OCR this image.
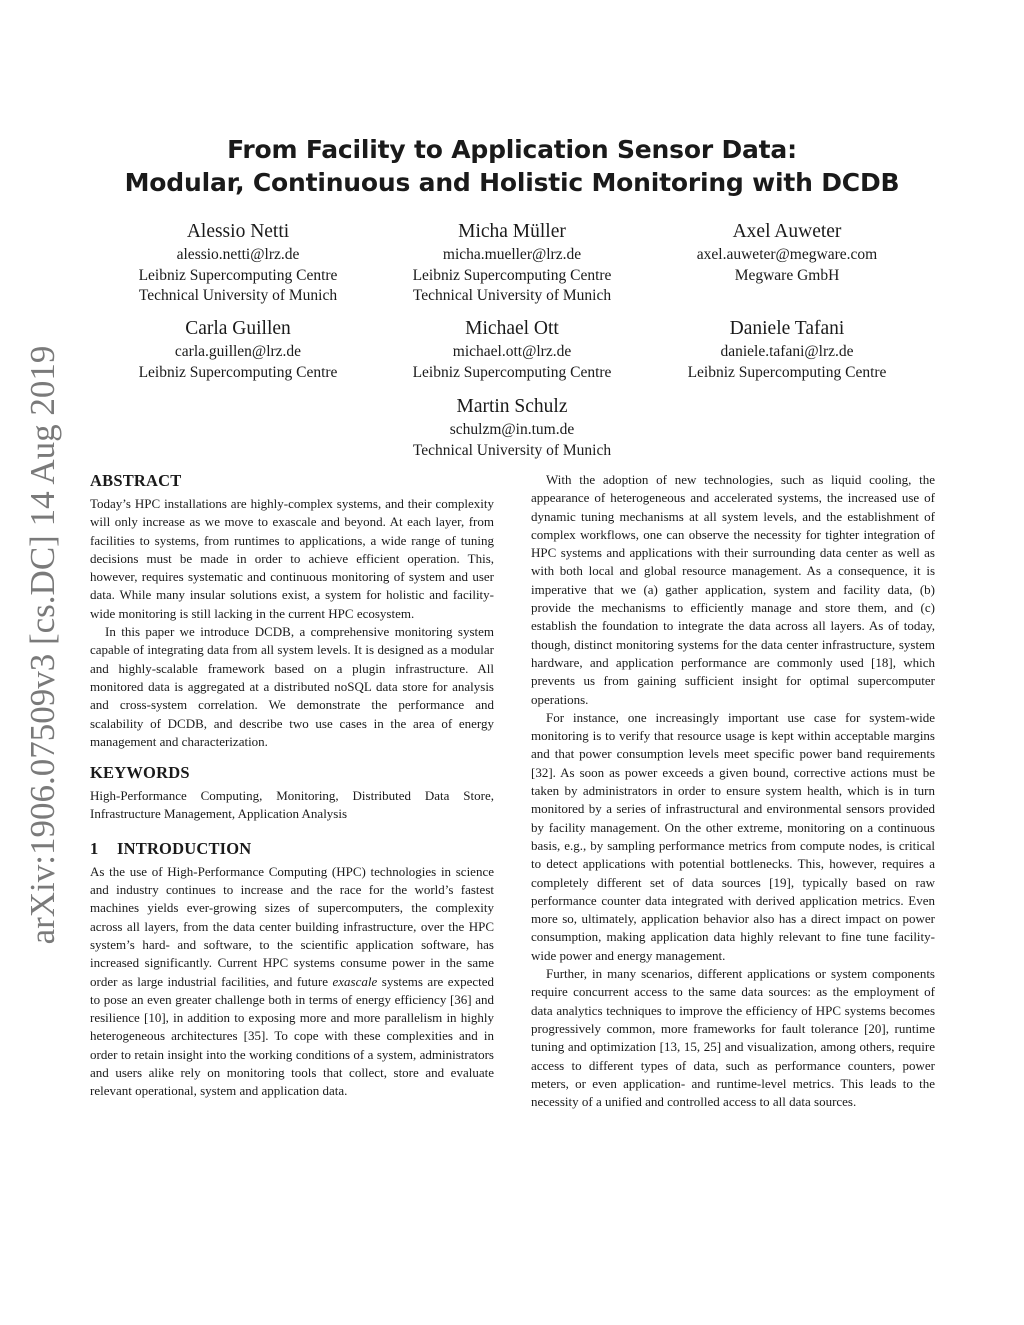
arXiv:1906.07509v3 [cs.DC] 14 Aug 2019
From Facility to Application Sensor Data:
Modular, Continuous and Holistic Monitoring with DCDB
Alessio Netti
alessio.netti@lrz.de
Leibniz Supercomputing Centre
Technical University of Munich
Micha Müller
micha.mueller@lrz.de
Leibniz Supercomputing Centre
Technical University of Munich
Axel Auweter
axel.auweter@megware.com
Megware GmbH
Carla Guillen
carla.guillen@lrz.de
Leibniz Supercomputing Centre
Michael Ott
michael.ott@lrz.de
Leibniz Supercomputing Centre
Daniele Tafani
daniele.tafani@lrz.de
Leibniz Supercomputing Centre
Martin Schulz
schulzm@in.tum.de
Technical University of Munich
ABSTRACT

Today’s HPC installations are highly-complex systems, and their complexity will only increase as we move to exascale and beyond. At each layer, from facilities to systems, from runtimes to applications, a wide range of tuning decisions must be made in order to achieve efficient operation. This, however, requires systematic and continuous monitoring of system and user data. While many insular solutions exist, a system for holistic and facility-wide monitoring is still lacking in the current HPC ecosystem.

In this paper we introduce DCDB, a comprehensive monitoring system capable of integrating data from all system levels. It is designed as a modular and highly-scalable framework based on a plugin infrastructure. All monitored data is aggregated at a distributed noSQL data store for analysis and cross-system correlation. We demonstrate the performance and scalability of DCDB, and describe two use cases in the area of energy management and characterization.

KEYWORDS

High-Performance Computing, Monitoring, Distributed Data Store, Infrastructure Management, Application Analysis

1 INTRODUCTION

As the use of High-Performance Computing (HPC) technologies in science and industry continues to increase and the race for the world’s fastest machines yields ever-growing sizes of supercomputers, the complexity across all layers, from the data center building infrastructure, over the HPC system’s hard- and software, to the scientific application software, has increased significantly. Current HPC systems consume power in the same order as large industrial facilities, and future exascale systems are expected to pose an even greater challenge both in terms of energy efficiency [36] and resilience [10], in addition to exposing more and more parallelism in highly heterogeneous architectures [35]. To cope with these complexities and in order to retain insight into the working conditions of a system, administrators and users alike rely on monitoring tools that collect, store and evaluate relevant operational, system and application data.

With the adoption of new technologies, such as liquid cooling, the appearance of heterogeneous and accelerated systems, the increased use of dynamic tuning mechanisms at all system levels, and the establishment of complex workflows, one can observe the necessity for tighter integration of HPC systems and applications with their surrounding data center as well as with both local and global resource management. As a consequence, it is imperative that we (a) gather application, system and facility data, (b) provide the mechanisms to efficiently manage and store them, and (c) establish the foundation to integrate the data across all layers. As of today, though, distinct monitoring systems for the data center infrastructure, system hardware, and application performance are commonly used [18], which prevents us from gaining sufficient insight for optimal supercomputer operations.

For instance, one increasingly important use case for system-wide monitoring is to verify that resource usage is kept within acceptable margins and that power consumption levels meet specific power band requirements [32]. As soon as power exceeds a given bound, corrective actions must be taken by administrators in order to ensure system health, which is in turn monitored by a series of infrastructural and environmental sensors provided by facility management. On the other extreme, monitoring on a continuous basis, e.g., by sampling performance metrics from compute nodes, is critical to detect applications with potential bottlenecks. This, however, requires a completely different set of data sources [19], typically based on raw performance counter data integrated with derived application metrics. Even more so, ultimately, application behavior also has a direct impact on power consumption, making application data highly relevant to fine tune facility-wide power and energy management.

Further, in many scenarios, different applications or system components require concurrent access to the same data sources: as the employment of data analytics techniques to improve the efficiency of HPC systems becomes progressively common, more frameworks for fault tolerance [20], runtime tuning and optimization [13, 15, 25] and visualization, among others, require access to different types of data, such as performance counters, power meters, or even application- and runtime-level metrics. This leads to the necessity of a unified and controlled access to all data sources.
